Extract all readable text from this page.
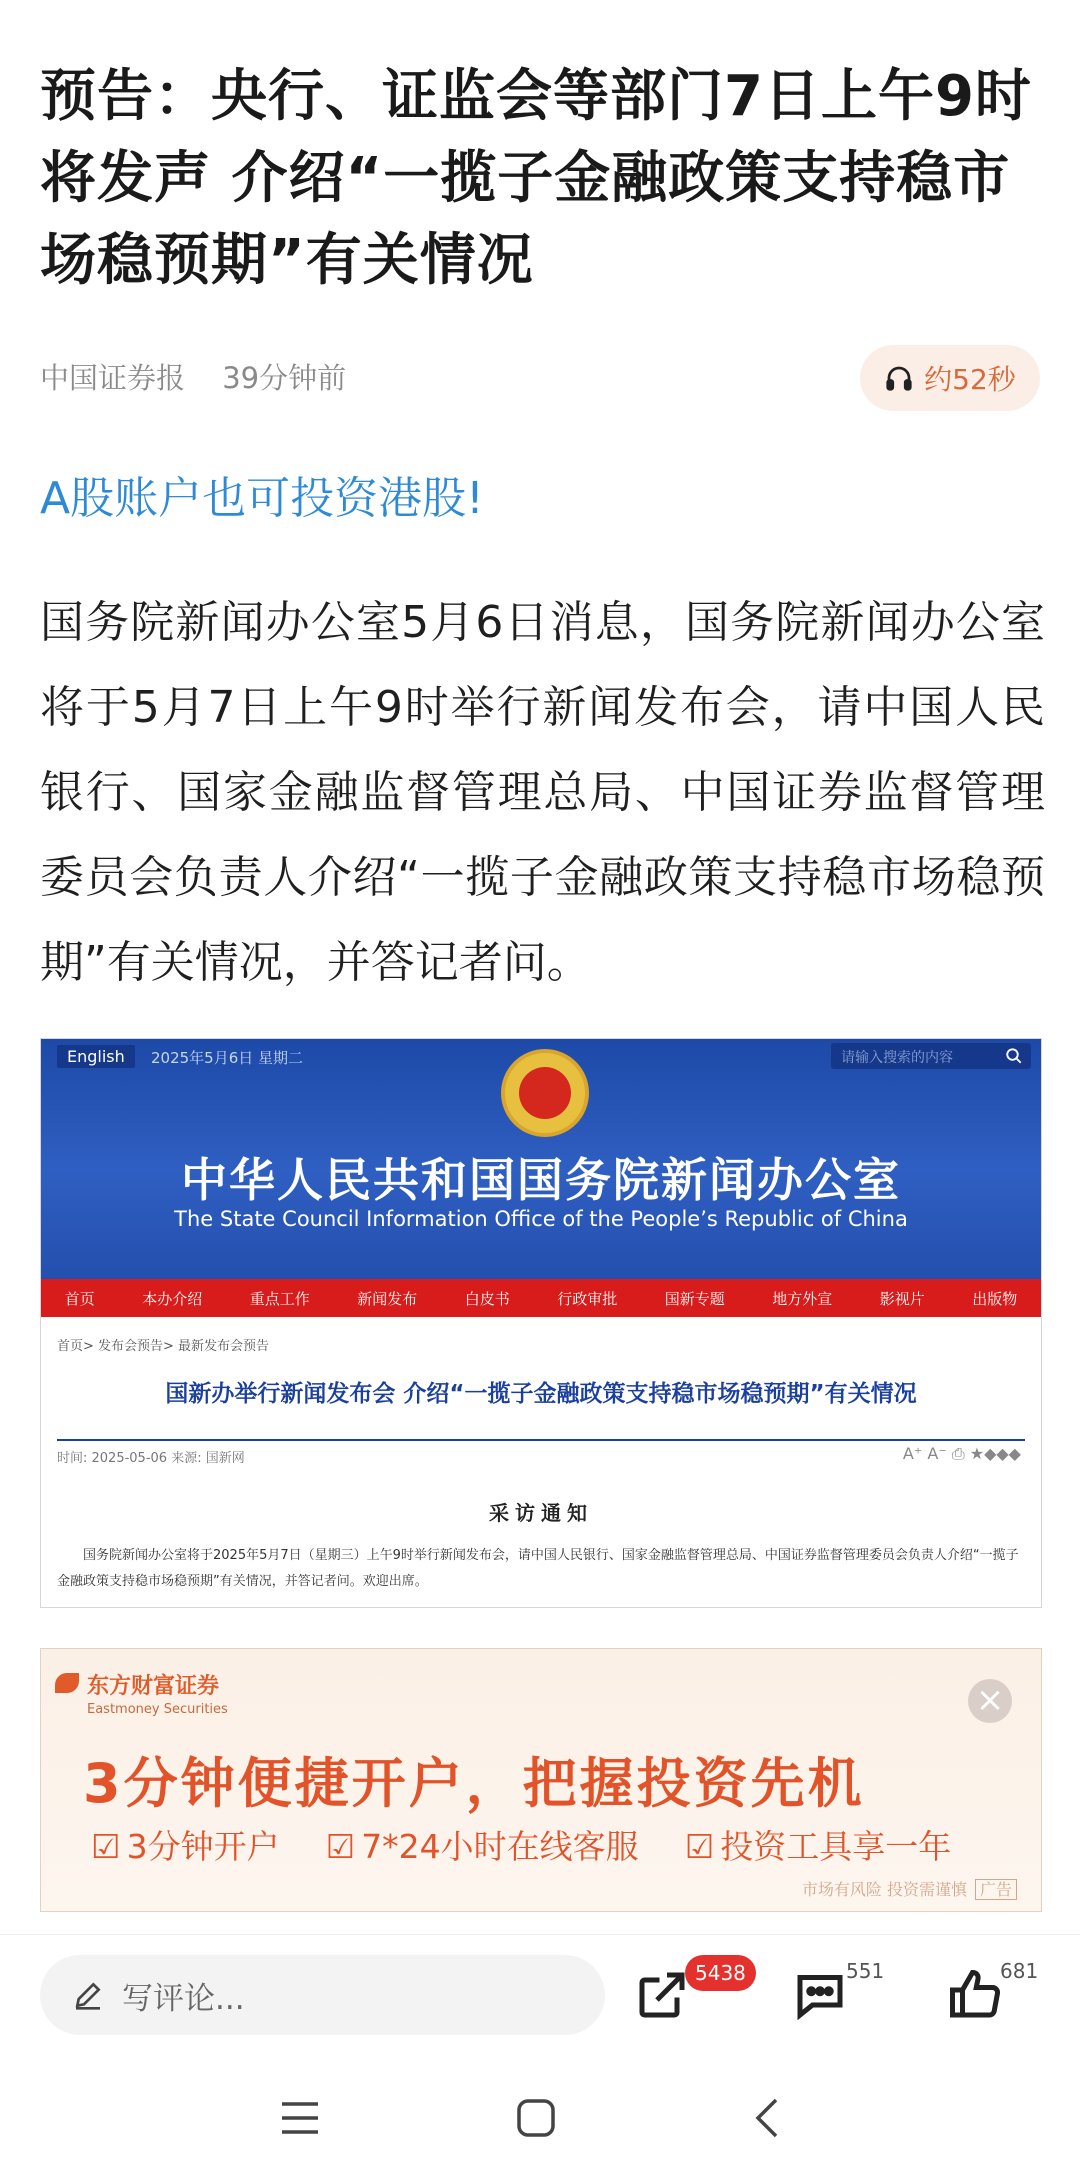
预告：央行、证监会等部门7日上午9时将发声 介绍“一揽子金融政策支持稳市场稳预期”有关情况
中国证券报 39分钟前	约52秒
A股账户也可投资港股!
国务院新闻办公室5月6日消息，国务院新闻办公室将于5月7日上午9时举行新闻发布会，请中国人民银行、国家金融监督管理总局、中国证券监督管理委员会负责人介绍“一揽子金融政策支持稳市场稳预期”有关情况，并答记者问。
English	2025年5月6日 星期二	请输入搜索的内容
中华人民共和国国务院新闻办公室
The State Council Information Office of the People’s Republic of China
首页	本办介绍	重点工作	新闻发布	白皮书	行政审批	国新专题	地方外宣	影视片	出版物
首页> 发布会预告> 最新发布会预告
国新办举行新闻发布会 介绍“一揽子金融政策支持稳市场稳预期”有关情况
时间: 2025-05-06 来源: 国新网	A⁺ A⁻ ⎙ ★◆◆◆
采访通知
国务院新闻办公室将于2025年5月7日（星期三）上午9时举行新闻发布会，请中国人民银行、国家金融监督管理总局、中国证券监督管理委员会负责人介绍“一揽子金融政策支持稳市场稳预期”有关情况，并答记者问。欢迎出席。
东方财富证券
Eastmoney Securities	×
3分钟便捷开户，把握投资先机
☑ 3分钟开户	☑ 7*24小时在线客服	☑ 投资工具享一年
市场有风险 投资需谨慎 广告
写评论...
5438	551	681
